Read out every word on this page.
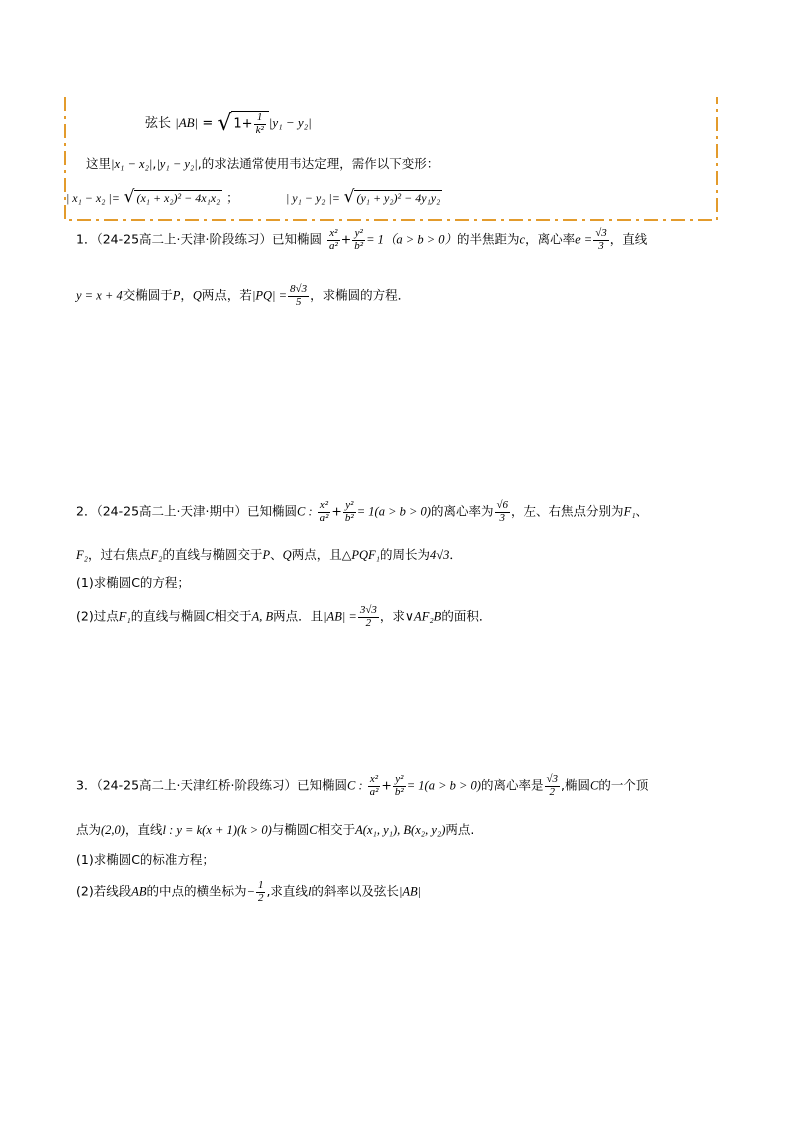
弦长 |AB| = √ $1+ \frac{1}{\text{k²}} |y_1 - y_2|$
这里|x₁ − x₂|,|y₁ − y₂|,的求法通常使用韦达定理，需作以下变形：
| x₁ − x₂ |= √ (x₁ + x₂)² − 4x₁x₂ ；	| y₁ − y₂ |= √ (y₁ + y₂)² − 4y₁y₂
1．（24-25高二上·天津·阶段练习）已知椭圆 $\frac{\text{x²}}{\text{a²}} + \frac{\text{y²}}{\text{b²}} = 1(a > b > 0)$的半焦距为c，离心率$e = \frac{√3}{3}$ ，直线
y = x + 4交椭圆于P，Q两点，若$|PQ| = \frac{8√3}{5}$ ，求椭圆的方程．
2．（24-25高二上·天津·期中）已知椭圆C : $\frac{\text{x²}}{\text{a²}} + \frac{\text{y²}}{\text{b²}} = 1(a > b > 0)$的离心率为 $\frac{√6}{3}$ ，左、右焦点分别为F₁、
F₂，过右焦点F₂的直线与椭圆交于P、Q两点，且△PQF₁的周长为4√3．
(1)求椭圆C的方程；
(2)过点F₁的直线与椭圆C相交于A, B两点．且$|AB| = \frac{3√3}{2}$ ，求∨AF₂B的面积．
3．（24-25高二上·天津红桥·阶段练习）已知椭圆C : $\frac{\text{x²}}{\text{a²}} + \frac{\text{y²}}{\text{b²}} = 1(a > b > 0)$的离心率是 $\frac{√3}{2}$ ,椭圆C的一个顶
点为(2,0)，直线l : y = k(x + 1)(k > 0)与椭圆C相交于A(x₁, y₁), B(x₂, y₂)两点.
(1)求椭圆C的标准方程；
(2)若线段AB的中点的横坐标为− $\frac{1}{2}$ ,求直线l的斜率以及弦长|AB|
